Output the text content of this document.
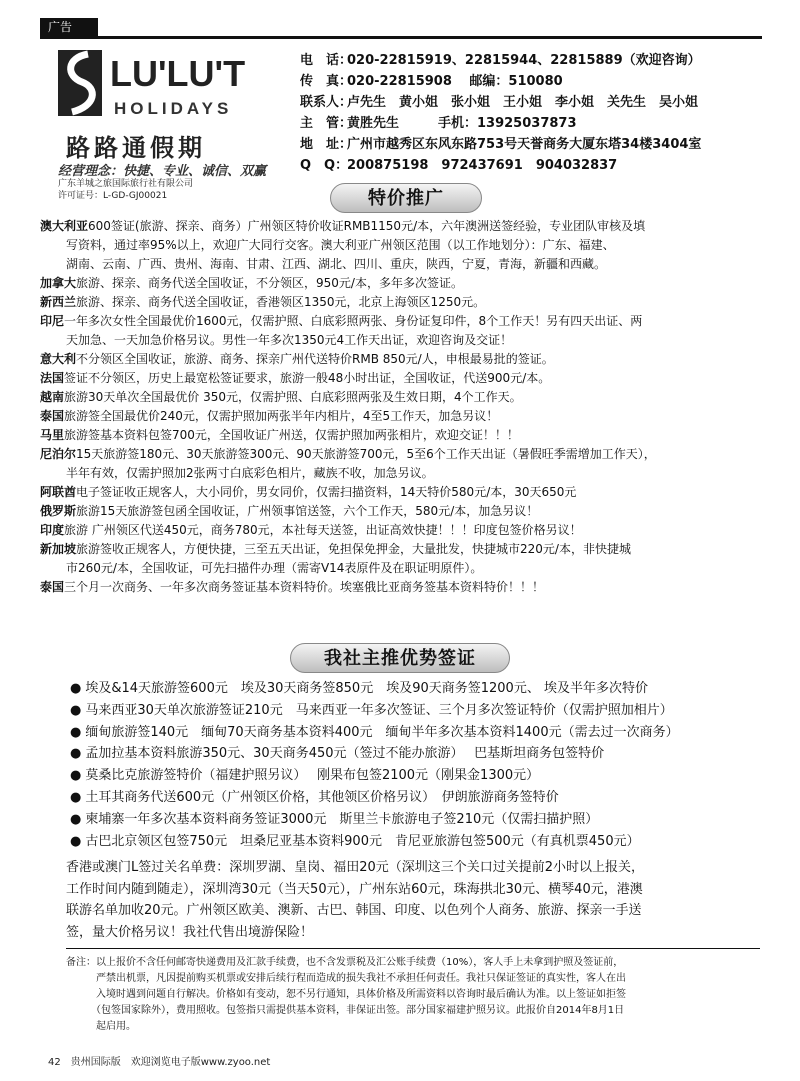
广告
LU'LU'T
HOLIDAYS
路路通假期
经营理念：快捷、专业、诚信、双赢
广东羊城之旅国际旅行社有限公司
许可证号：L-GD-GJ00021
电　话：020-22815919、22815944、22815889（欢迎咨询）
传　真：020-22815908　 邮编：510080
联系人：卢先生　黄小姐　张小姐　王小姐　李小姐　关先生　吴小姐
主　管：黄胜先生　　　手机：13925037873
地　址：广州市越秀区东风东路753号天誉商务大厦东塔34楼3404室
Q　Q：200875198　972437691　904032837
特价推广
澳大利亚600签证(旅游、探亲、商务）广州领区特价收证RMB1150元/本，六年澳洲送签经验，专业团队审核及填
写资料，通过率95%以上，欢迎广大同行交客。澳大利亚广州领区范围（以工作地划分）：广东、福建、
湖南、云南、广西、贵州、海南、甘肃、江西、湖北、四川、重庆，陕西，宁夏，青海，新疆和西藏。
加拿大旅游、探亲、商务代送全国收证，不分领区，950元/本，多年多次签证。
新西兰旅游、探亲、商务代送全国收证，香港领区1350元，北京上海领区1250元。
印尼一年多次女性全国最优价1600元，仅需护照、白底彩照两张、身份证复印件，8个工作天！另有四天出证、两
天加急、一天加急价格另议。男性一年多次1350元4工作天出证，欢迎咨询及交证！
意大利不分领区全国收证，旅游、商务、探亲广州代送特价RMB 850元/人，申根最易批的签证。
法国签证不分领区，历史上最宽松签证要求，旅游一般48小时出证，全国收证，代送900元/本。
越南旅游30天单次全国最优价 350元，仅需护照、白底彩照两张及生效日期，4个工作天。
泰国旅游签全国最优价240元，仅需护照加两张半年内相片，4至5工作天，加急另议！
马里旅游签基本资料包签700元，全国收证广州送，仅需护照加两张相片，欢迎交证！！！
尼泊尔15天旅游签180元、30天旅游签300元、90天旅游签700元，5至6个工作天出证（暑假旺季需增加工作天），
半年有效，仅需护照加2张两寸白底彩色相片，藏族不收，加急另议。
阿联酋电子签证收正规客人，大小同价，男女同价，仅需扫描资料，14天特价580元/本，30天650元
俄罗斯旅游15天旅游签包函全国收证，广州领事馆送签，六个工作天，580元/本，加急另议！
印度旅游 广州领区代送450元，商务780元，本社每天送签，出证高效快捷！！！印度包签价格另议！
新加坡旅游签收正规客人，方便快捷，三至五天出证，免担保免押金，大量批发，快捷城市220元/本，非快捷城
市260元/本，全国收证，可先扫描件办理（需寄V14表原件及在职证明原件）。
泰国三个月一次商务、一年多次商务签证基本资料特价。埃塞俄比亚商务签基本资料特价！！！
我社主推优势签证
● 埃及&14天旅游签600元　埃及30天商务签850元　埃及90天商务签1200元、 埃及半年多次特价
● 马来西亚30天单次旅游签证210元　马来西亚一年多次签证、三个月多次签证特价（仅需护照加相片）
● 缅甸旅游签140元　缅甸70天商务基本资料400元　缅甸半年多次基本资料1400元（需去过一次商务）
● 孟加拉基本资料旅游350元、30天商务450元（签过不能办旅游）　 巴基斯坦商务包签特价
● 莫桑比克旅游签特价（福建护照另议）　 刚果布包签2100元（刚果金1300元）
● 土耳其商务代送600元（广州领区价格，其他领区价格另议）　伊朗旅游商务签特价
● 柬埔寨一年多次基本资料商务签证3000元　斯里兰卡旅游电子签210元（仅需扫描护照）
● 古巴北京领区包签750元　坦桑尼亚基本资料900元　肯尼亚旅游包签500元（有真机票450元）
香港或澳门L签过关名单费：深圳罗湖、皇岗、福田20元（深圳这三个关口过关提前2小时以上报关，
工作时间内随到随走），深圳湾30元（当天50元），广州东站60元，珠海拱北30元、横琴40元，港澳
联游名单加收20元。广州领区欧美、澳新、古巴、韩国、印度、以色列个人商务、旅游、探亲一手送
签，量大价格另议！我社代售出境游保险！
备注：以上报价不含任何邮寄快递费用及汇款手续费，也不含发票税及汇公账手续费（10%），客人手上未拿到护照及签证前，
　　　严禁出机票，凡因提前购买机票或安排后续行程而造成的损失我社不承担任何责任。我社只保证签证的真实性，客人在出
　　　入境时遇到问题自行解决。价格如有变动，恕不另行通知，具体价格及所需资料以咨询时最后确认为准。以上签证如拒签
　　　（包签国家除外），费用照收。包签指只需提供基本资料，非保证出签。部分国家福建护照另议。此报价自2014年8月1日
　　　起启用。
42　贵州国际版　欢迎浏览电子版www.zyoo.net
